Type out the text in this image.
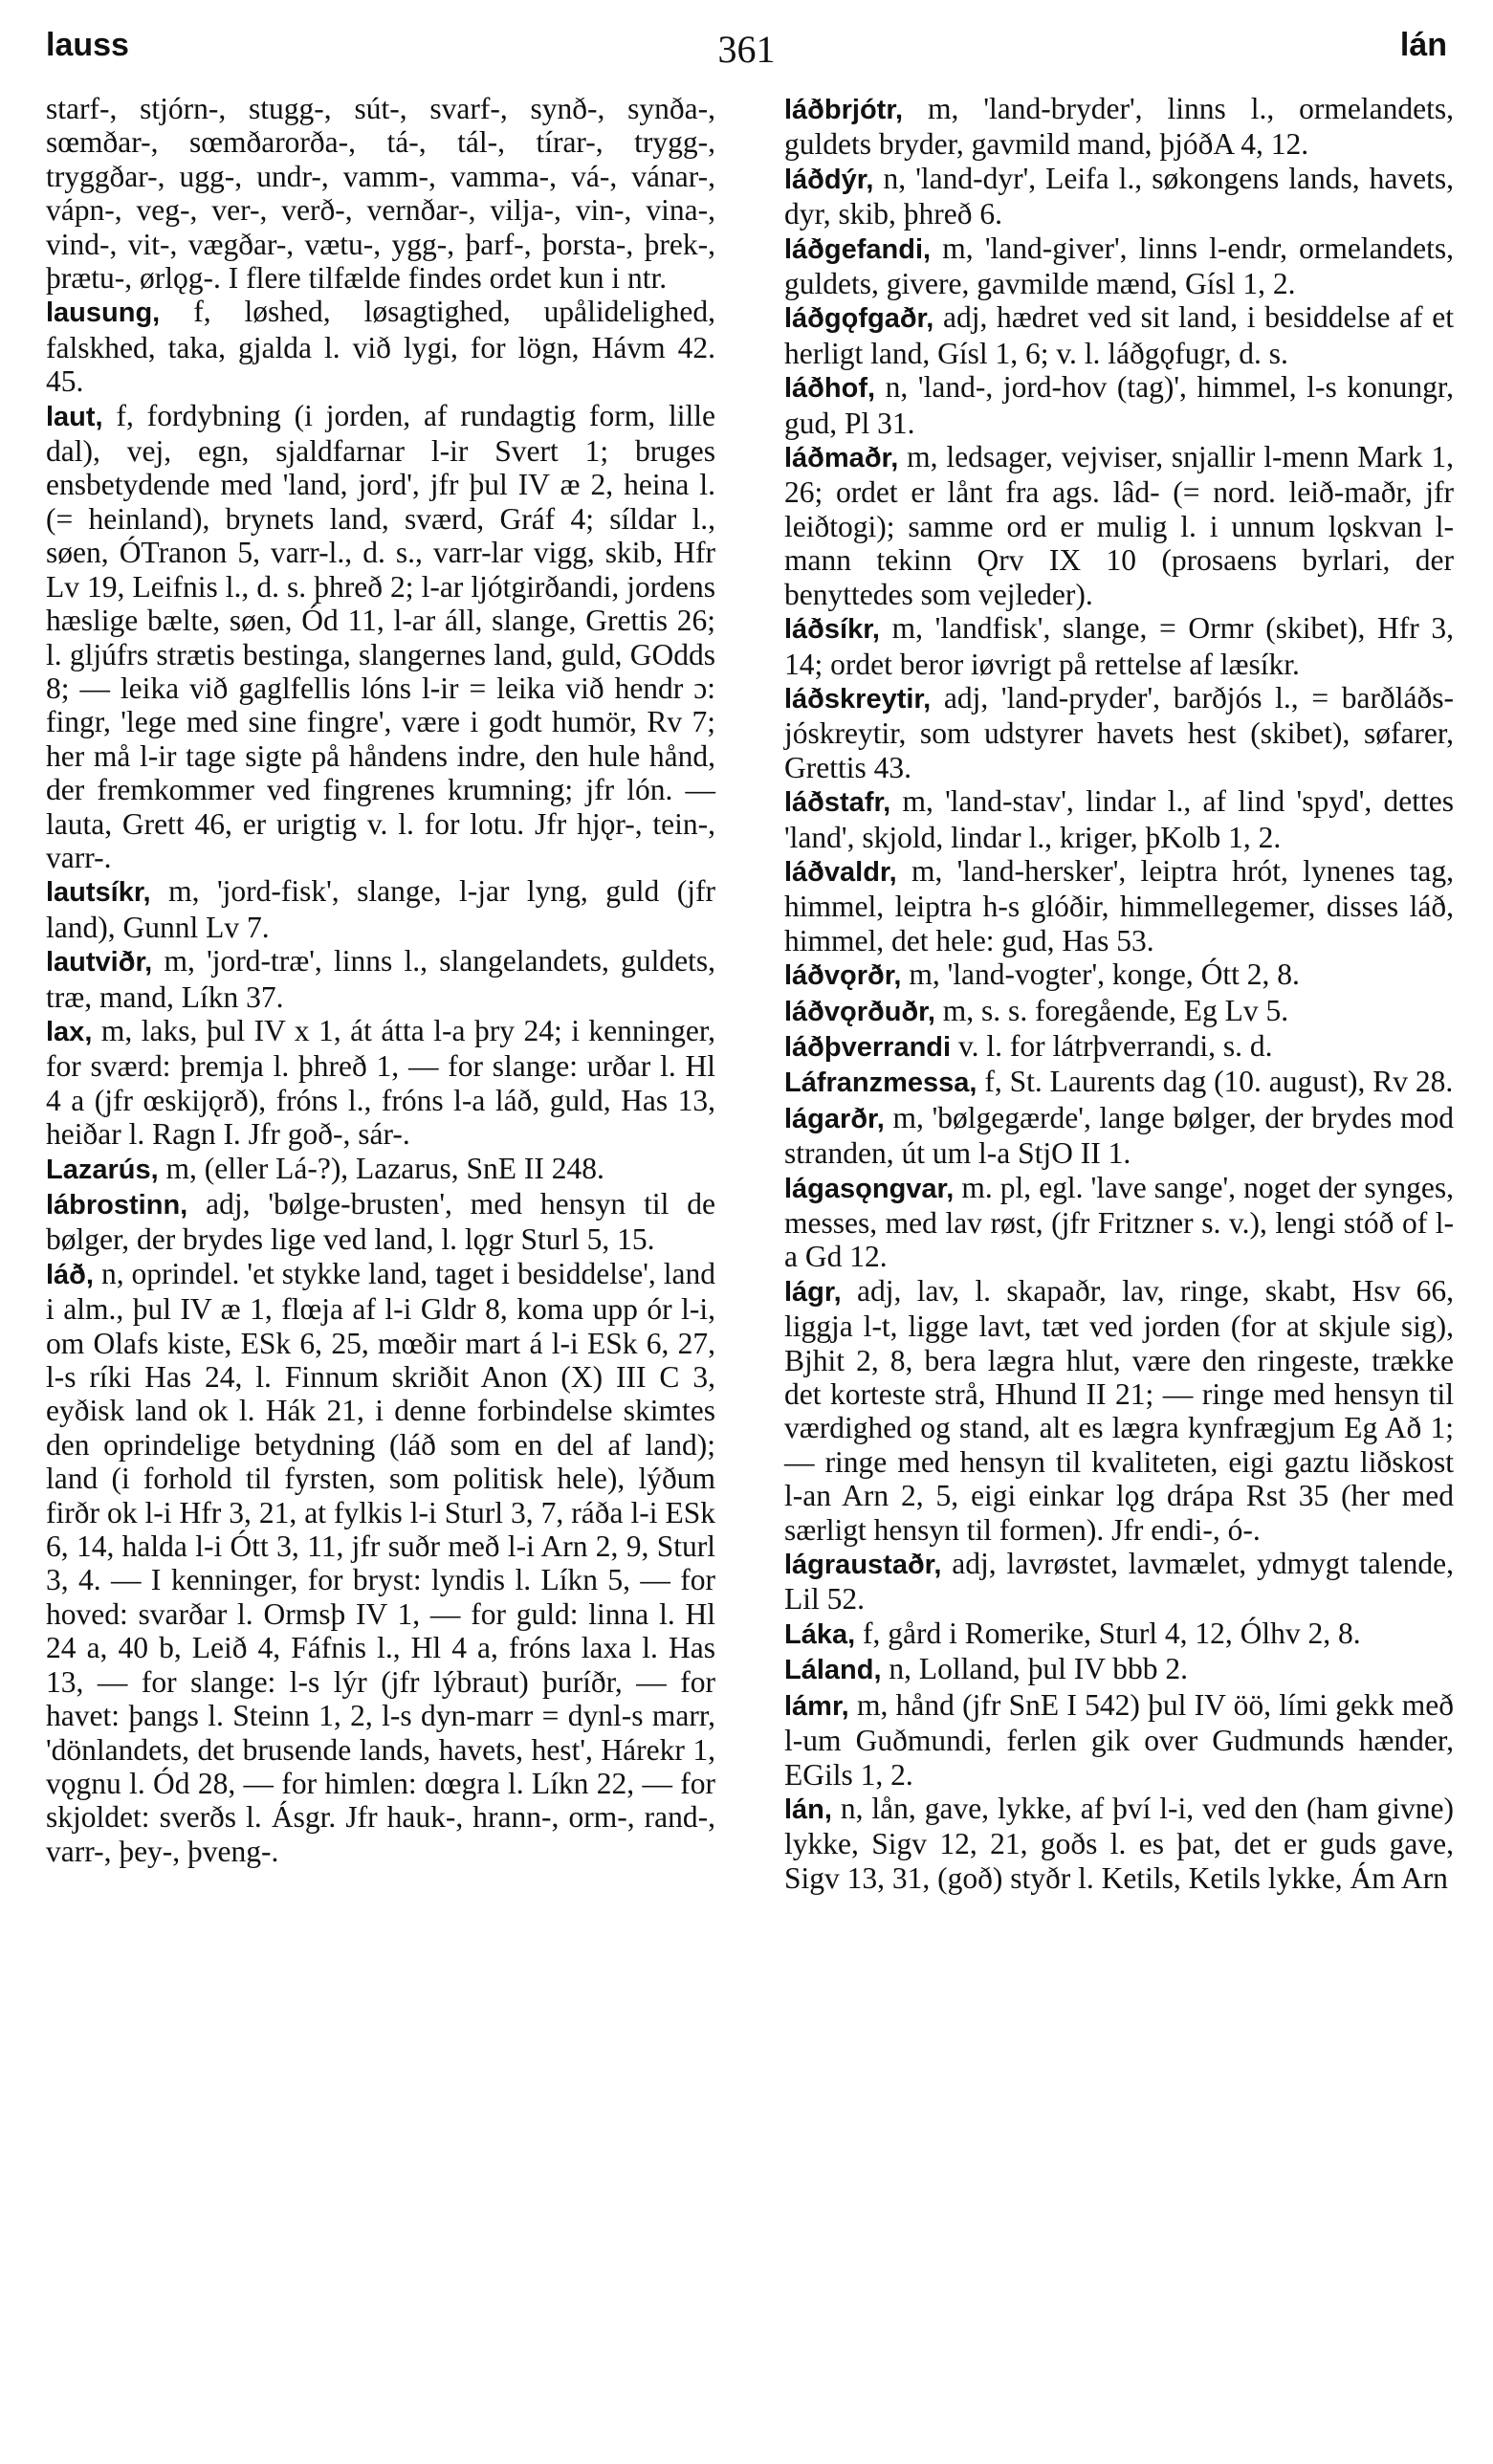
lauss	361	lán

starf-, stjórn-, stugg-, sút-, svarf-, synð-, synða-, sœmðar-, sœmðarorða-, tá-, tál-, tírar-, trygg-, tryggðar-, ugg-, undr-, vamm-, vamma-, vá-, vánar-, vápn-, veg-, ver-, verð-, vernðar-, vilja-, vin-, vina-, vind-, vit-, vægðar-, vætu-, ygg-, þarf-, þorsta-, þrek-, þrætu-, ørlǫg-. I flere tilfælde findes ordet kun i ntr.

lausung, f, løshed, løsagtighed, upålidelighed, falskhed, taka, gjalda l. við lygi, for lögn, Hávm 42. 45.

laut, f, fordybning (i jorden, af rundagtig form, lille dal), vej, egn, sjaldfarnar l-ir Svert 1; bruges ensbetydende med 'land, jord', jfr þul IV æ 2, heina l. (= heinland), brynets land, sværd, Gráf 4; síldar l., søen, ÓTranon 5, varr-l., d. s., varr-lar vigg, skib, Hfr Lv 19, Leifnis l., d. s. þhreð 2; l-ar ljótgirðandi, jordens hæslige bælte, søen, Ód 11, l-ar áll, slange, Grettis 26; l. gljúfrs strætis bestinga, slangernes land, guld, GOdds 8; — leika við gaglfellis lóns l-ir = leika við hendr ɔ: fingr, 'lege med sine fingre', være i godt humör, Rv 7; her må l-ir tage sigte på håndens indre, den hule hånd, der fremkommer ved fingrenes krumning; jfr lón. — lauta, Grett 46, er urigtig v. l. for lotu. Jfr hjǫr-, tein-, varr-.

lautsíkr, m, 'jord-fisk', slange, l-jar lyng, guld (jfr land), Gunnl Lv 7.

lautviðr, m, 'jord-træ', linns l., slangelandets, guldets, træ, mand, Líkn 37.

lax, m, laks, þul IV x 1, át átta l-a þry 24; i kenninger, for sværd: þremja l. þhreð 1, — for slange: urðar l. Hl 4 a (jfr œskijǫrð), fróns l., fróns l-a láð, guld, Has 13, heiðar l. Ragn I. Jfr goð-, sár-.

Lazarús, m, (eller Lá-?), Lazarus, SnE II 248.

lábrostinn, adj, 'bølge-brusten', med hensyn til de bølger, der brydes lige ved land, l. lǫgr Sturl 5, 15.

láð, n, oprindel. 'et stykke land, taget i besiddelse', land i alm., þul IV æ 1, flœja af l-i Gldr 8, koma upp ór l-i, om Olafs kiste, ESk 6, 25, mœðir mart á l-i ESk 6, 27, l-s ríki Has 24, l. Finnum skriðit Anon (X) III C 3, eyðisk land ok l. Hák 21, i denne forbindelse skimtes den oprindelige betydning (láð som en del af land); land (i forhold til fyrsten, som politisk hele), lýðum firðr ok l-i Hfr 3, 21, at fylkis l-i Sturl 3, 7, ráða l-i ESk 6, 14, halda l-i Ótt 3, 11, jfr suðr með l-i Arn 2, 9, Sturl 3, 4. — I kenninger, for bryst: lyndis l. Líkn 5, — for hoved: svarðar l. Ormsþ IV 1, — for guld: linna l. Hl 24 a, 40 b, Leið 4, Fáfnis l., Hl 4 a, fróns laxa l. Has 13, — for slange: l-s lýr (jfr lýbraut) þuríðr, — for havet: þangs l. Steinn 1, 2, l-s dyn-marr = dynl-s marr, 'dönlandets, det brusende lands, havets, hest', Hárekr 1, vǫgnu l. Ód 28, — for himlen: dœgra l. Líkn 22, — for skjoldet: sverðs l. Ásgr. Jfr hauk-, hrann-, orm-, rand-, varr-, þey-, þveng-.

láðbrjótr, m, 'land-bryder', linns l., ormelandets, guldets bryder, gavmild mand, þjóðA 4, 12.

láðdýr, n, 'land-dyr', Leifa l., søkongens lands, havets, dyr, skib, þhreð 6.

láðgefandi, m, 'land-giver', linns l-endr, ormelandets, guldets, givere, gavmilde mænd, Gísl 1, 2.

láðgǫfgaðr, adj, hædret ved sit land, i besiddelse af et herligt land, Gísl 1, 6; v. l. láðgǫfugr, d. s.

láðhof, n, 'land-, jord-hov (tag)', himmel, l-s konungr, gud, Pl 31.

láðmaðr, m, ledsager, vejviser, snjallir l-menn Mark 1, 26; ordet er lånt fra ags. lâd- (= nord. leið-maðr, jfr leiðtogi); samme ord er mulig l. i unnum lǫskvan l-mann tekinn Ǫrv IX 10 (prosaens byrlari, der benyttedes som vejleder).

láðsíkr, m, 'landfisk', slange, = Ormr (skibet), Hfr 3, 14; ordet beror iøvrigt på rettelse af læsíkr.

láðskreytir, adj, 'land-pryder', barðjós l., = barðláðs-jóskreytir, som udstyrer havets hest (skibet), søfarer, Grettis 43.

láðstafr, m, 'land-stav', lindar l., af lind 'spyd', dettes 'land', skjold, lindar l., kriger, þKolb 1, 2.

láðvaldr, m, 'land-hersker', leiptra hrót, lynenes tag, himmel, leiptra h-s glóðir, himmellegemer, disses láð, himmel, det hele: gud, Has 53.

láðvǫrðr, m, 'land-vogter', konge, Ótt 2, 8.

láðvǫrðuðr, m, s. s. foregående, Eg Lv 5.

láðþverrandi v. l. for látrþverrandi, s. d.

Láfranzmessa, f, St. Laurents dag (10. august), Rv 28.

lágarðr, m, 'bølgegærde', lange bølger, der brydes mod stranden, út um l-a StjO II 1.

lágasǫngvar, m. pl, egl. 'lave sange', noget der synges, messes, med lav røst, (jfr Fritzner s. v.), lengi stóð of l-a Gd 12.

lágr, adj, lav, l. skapaðr, lav, ringe, skabt, Hsv 66, liggja l-t, ligge lavt, tæt ved jorden (for at skjule sig), Bjhit 2, 8, bera lægra hlut, være den ringeste, trække det korteste strå, Hhund II 21; — ringe med hensyn til værdighed og stand, alt es lægra kynfrægjum Eg Að 1; — ringe med hensyn til kvaliteten, eigi gaztu liðskost l-an Arn 2, 5, eigi einkar lǫg drápa Rst 35 (her med særligt hensyn til formen). Jfr endi-, ó-.

lágraustaðr, adj, lavrøstet, lavmælet, ydmygt talende, Lil 52.

Láka, f, gård i Romerike, Sturl 4, 12, Ólhv 2, 8.

Láland, n, Lolland, þul IV bbb 2.

lámr, m, hånd (jfr SnE I 542) þul IV öö, lími gekk með l-um Guðmundi, ferlen gik over Gudmunds hænder, EGils 1, 2.

lán, n, lån, gave, lykke, af því l-i, ved den (ham givne) lykke, Sigv 12, 21, goðs l. es þat, det er guds gave, Sigv 13, 31, (goð) styðr l. Ketils, Ketils lykke, Ám Arn
